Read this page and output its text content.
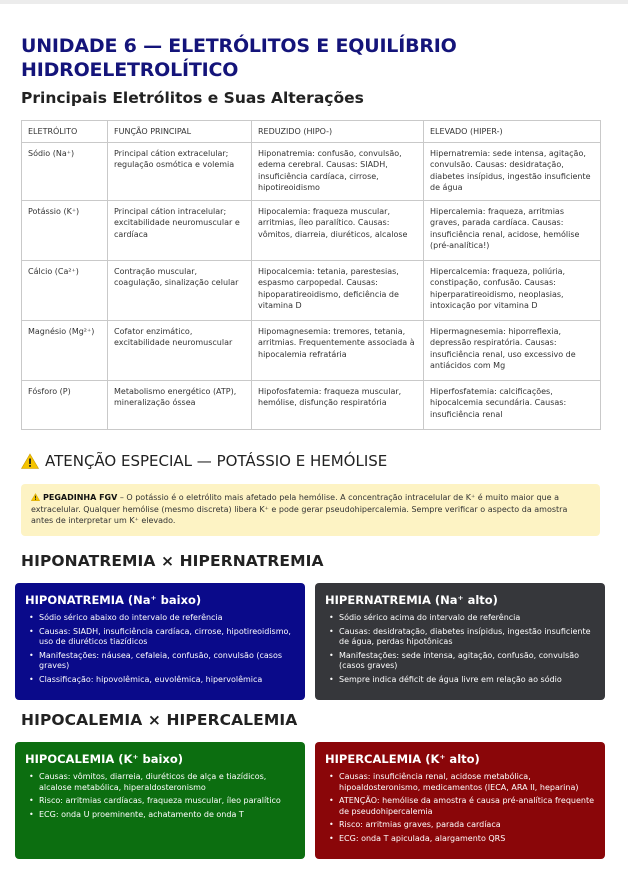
UNIDADE 6 — ELETRÓLITOS E EQUILÍBRIO HIDROELETROLÍTICO
Principais Eletrólitos e Suas Alterações
ELETRÓLITO	FUNÇÃO PRINCIPAL	REDUZIDO (HIPO-)	ELEVADO (HIPER-)
Sódio (Na⁺)	Principal cátion extracelular; regulação osmótica e volemia	Hiponatremia: confusão, convulsão, edema cerebral. Causas: SIADH, insuficiência cardíaca, cirrose, hipotireoidismo	Hipernatremia: sede intensa, agitação, convulsão. Causas: desidratação, diabetes insípidus, ingestão insuficiente de água
Potássio (K⁺)	Principal cátion intracelular; excitabilidade neuromuscular e cardíaca	Hipocalemia: fraqueza muscular, arritmias, íleo paralítico. Causas: vômitos, diarreia, diuréticos, alcalose	Hipercalemia: fraqueza, arritmias graves, parada cardíaca. Causas: insuficiência renal, acidose, hemólise (pré-analítica!)
Cálcio (Ca²⁺)	Contração muscular, coagulação, sinalização celular	Hipocalcemia: tetania, parestesias, espasmo carpopedal. Causas: hipoparatireoidismo, deficiência de vitamina D	Hipercalcemia: fraqueza, poliúria, constipação, confusão. Causas: hiperparatireoidismo, neoplasias, intoxicação por vitamina D
Magnésio (Mg²⁺)	Cofator enzimático, excitabilidade neuromuscular	Hipomagnesemia: tremores, tetania, arritmias. Frequentemente associada à hipocalemia refratária	Hipermagnesemia: hiporreflexia, depressão respiratória. Causas: insuficiência renal, uso excessivo de antiácidos com Mg
Fósforo (P)	Metabolismo energético (ATP), mineralização óssea	Hipofosfatemia: fraqueza muscular, hemólise, disfunção respiratória	Hiperfosfatemia: calcificações, hipocalcemia secundária. Causas: insuficiência renal
ATENÇÃO ESPECIAL — POTÁSSIO E HEMÓLISE
PEGADINHA FGV – O potássio é o eletrólito mais afetado pela hemólise. A concentração intracelular de K⁺ é muito maior que a extracelular. Qualquer hemólise (mesmo discreta) libera K⁺ e pode gerar pseudohipercalemia. Sempre verificar o aspecto da amostra antes de interpretar um K⁺ elevado.
HIPONATREMIA × HIPERNATREMIA
HIPONATREMIA (Na⁺ baixo)
• Sódio sérico abaixo do intervalo de referência
• Causas: SIADH, insuficiência cardíaca, cirrose, hipotireoidismo, uso de diuréticos tiazídicos
• Manifestações: náusea, cefaleia, confusão, convulsão (casos graves)
• Classificação: hipovolêmica, euvolêmica, hipervolêmica
HIPERNATREMIA (Na⁺ alto)
• Sódio sérico acima do intervalo de referência
• Causas: desidratação, diabetes insípidus, ingestão insuficiente de água, perdas hipotônicas
• Manifestações: sede intensa, agitação, confusão, convulsão (casos graves)
• Sempre indica déficit de água livre em relação ao sódio
HIPOCALEMIA × HIPERCALEMIA
HIPOCALEMIA (K⁺ baixo)
• Causas: vômitos, diarreia, diuréticos de alça e tiazídicos, alcalose metabólica, hiperaldosteronismo
• Risco: arritmias cardíacas, fraqueza muscular, íleo paralítico
• ECG: onda U proeminente, achatamento de onda T
HIPERCALEMIA (K⁺ alto)
• Causas: insuficiência renal, acidose metabólica, hipoaldosteronismo, medicamentos (IECA, ARA II, heparina)
• ATENÇÃO: hemólise da amostra é causa pré-analítica frequente de pseudohipercalemia
• Risco: arritmias graves, parada cardíaca
• ECG: onda T apiculada, alargamento QRS
